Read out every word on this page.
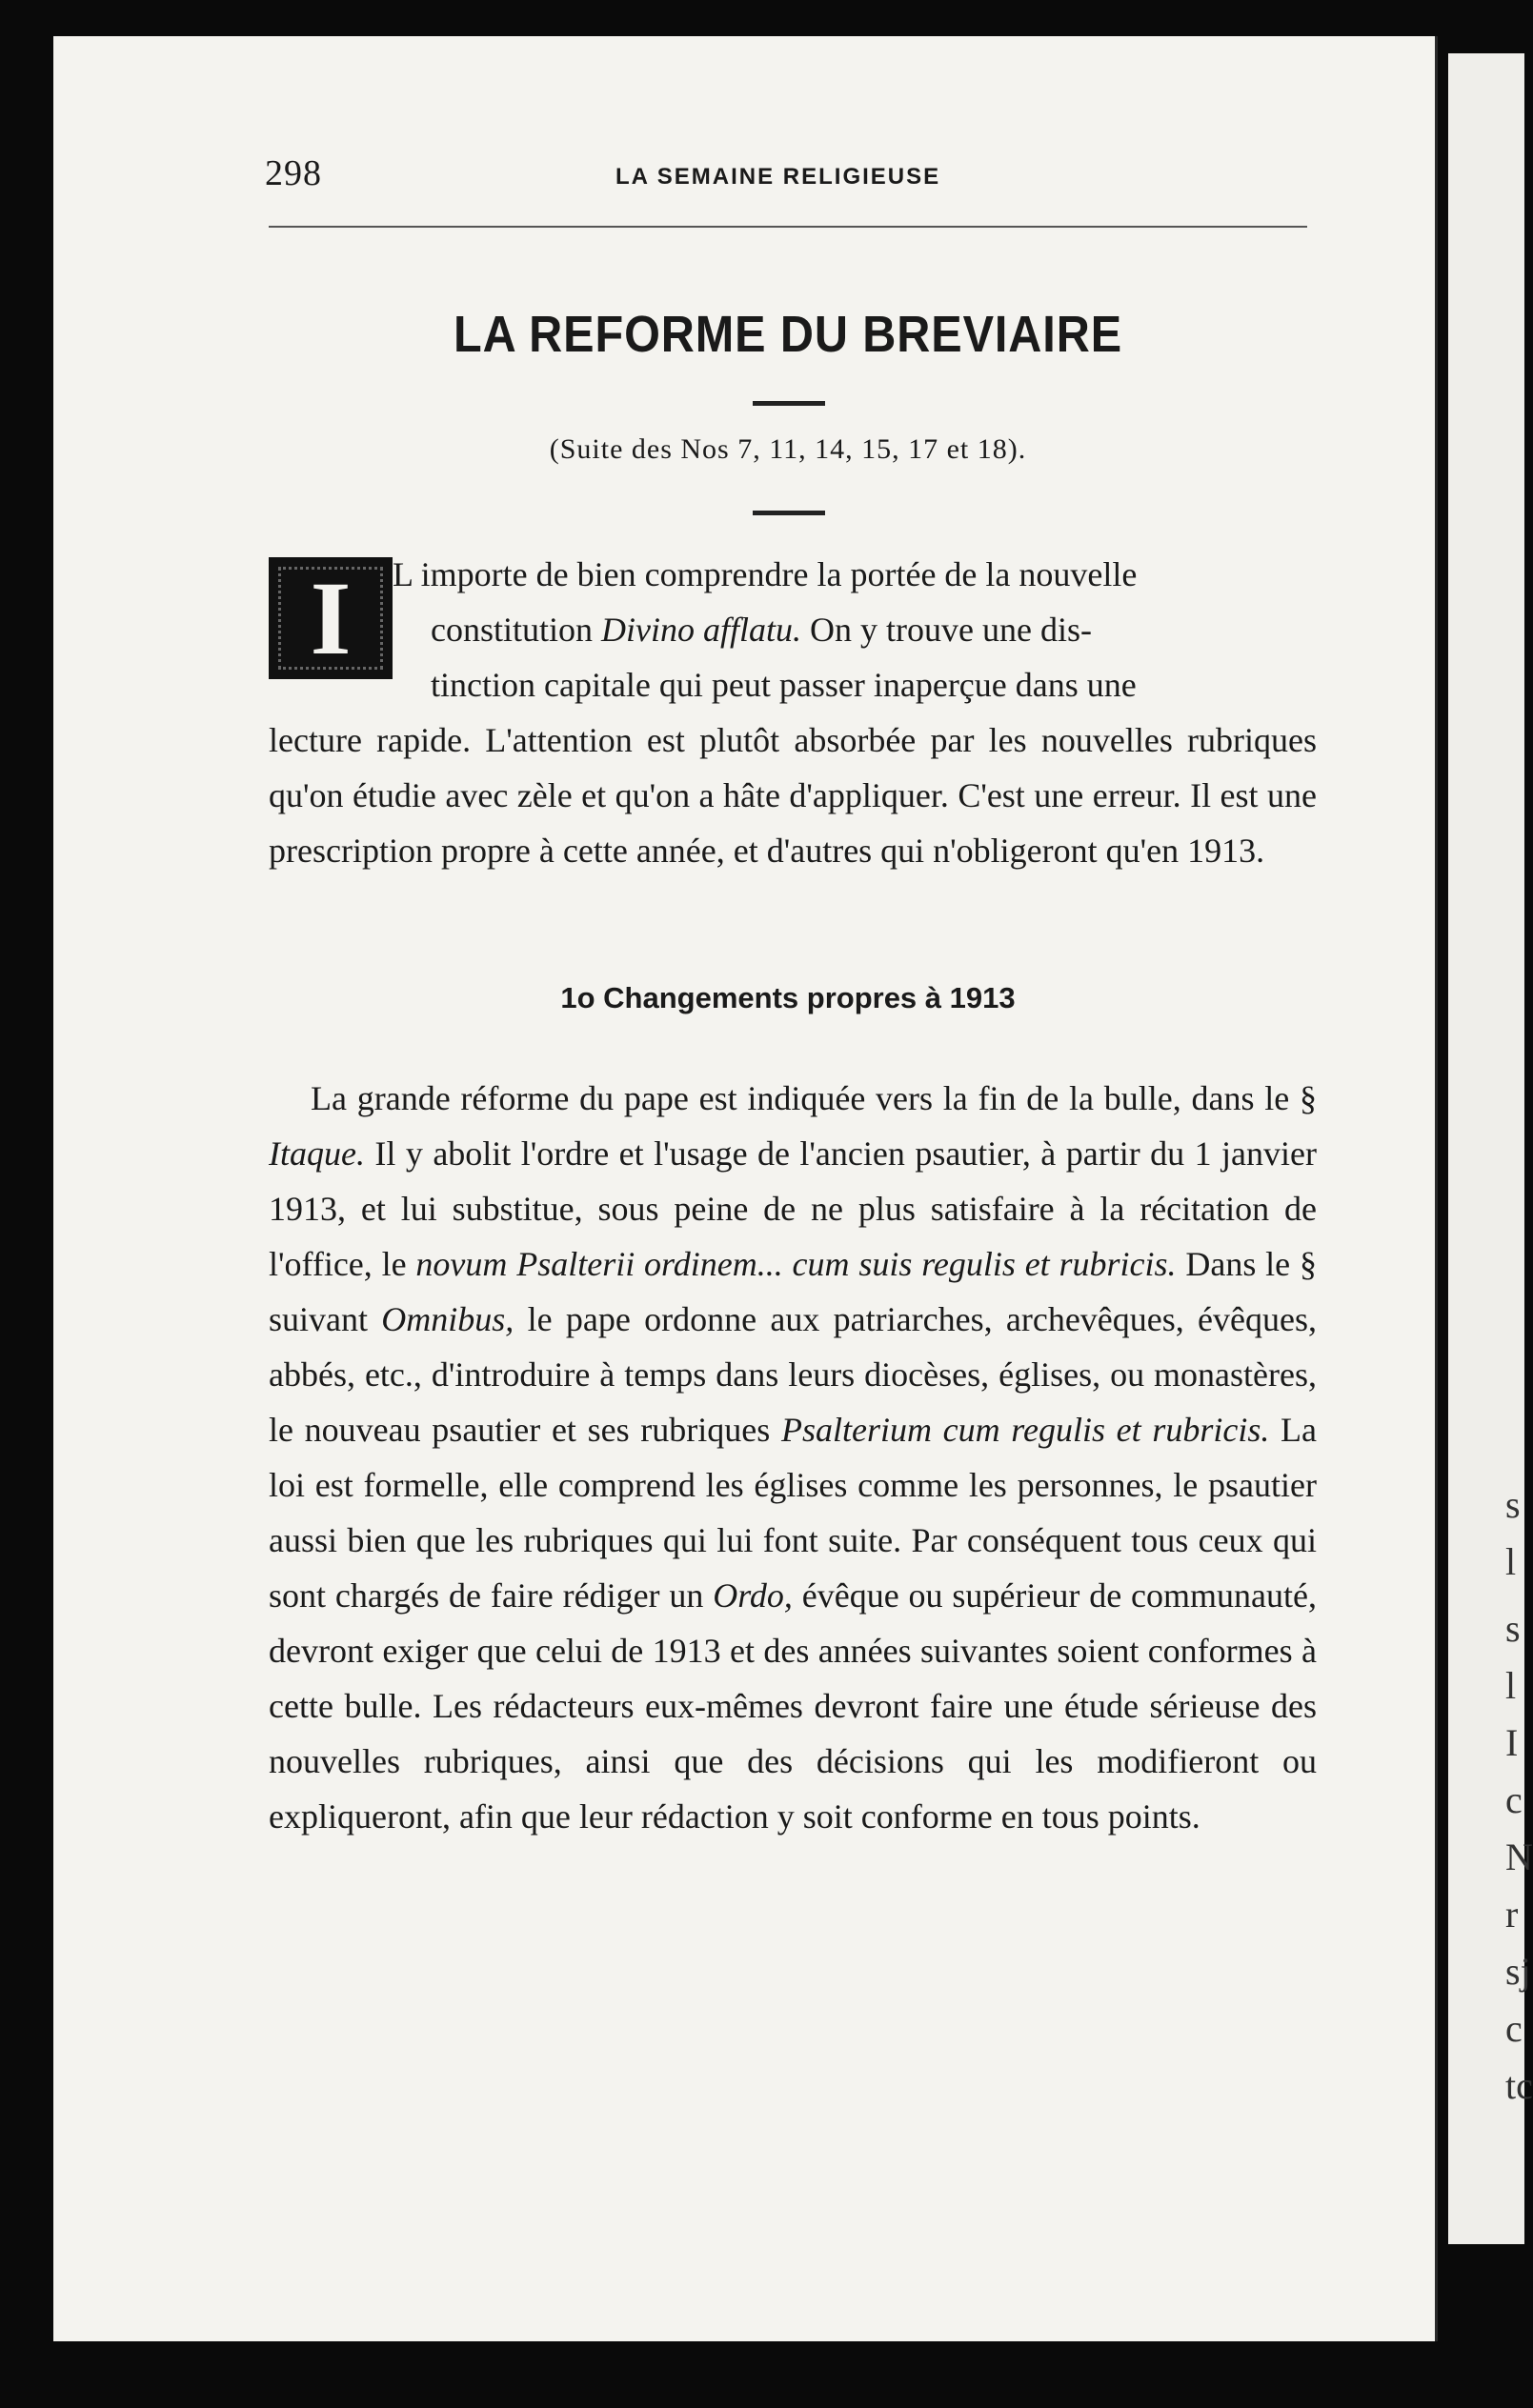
s
l
s
I
l
c
N
r
sj
c
tc
298	LA SEMAINE RELIGIEUSE
LA REFORME DU BREVIAIRE
(Suite des Nos 7, 11, 14, 15, 17 et 18).
I L importe de bien comprendre la portée de la nouvelle
constitution Divino afflatu. On y trouve une dis-
tinction capitale qui peut passer inaperçue dans une

lecture rapide. L'attention est plutôt absorbée par les nouvelles rubriques qu'on étudie avec zèle et qu'on a hâte d'appliquer. C'est une erreur. Il est une prescription propre à cette année, et d'autres qui n'obligeront qu'en 1913.

1o Changements propres à 1913

La grande réforme du pape est indiquée vers la fin de la bulle, dans le § Itaque. Il y abolit l'ordre et l'usage de l'ancien psautier, à partir du 1 janvier 1913, et lui substitue, sous peine de ne plus satisfaire à la récitation de l'office, le novum Psalterii ordinem... cum suis regulis et rubricis. Dans le § suivant Omnibus, le pape ordonne aux patriarches, archevêques, évêques, abbés, etc., d'introduire à temps dans leurs diocèses, églises, ou monastères, le nouveau psautier et ses rubriques Psalterium cum regulis et rubricis. La loi est formelle, elle comprend les églises comme les personnes, le psautier aussi bien que les rubriques qui lui font suite. Par conséquent tous ceux qui sont chargés de faire rédiger un Ordo, évêque ou supérieur de communauté, devront exiger que celui de 1913 et des années suivantes soient conformes à cette bulle. Les rédacteurs eux-mêmes devront faire une étude sérieuse des nouvelles rubriques, ainsi que des décisions qui les modifieront ou expliqueront, afin que leur rédaction y soit conforme en tous points.
